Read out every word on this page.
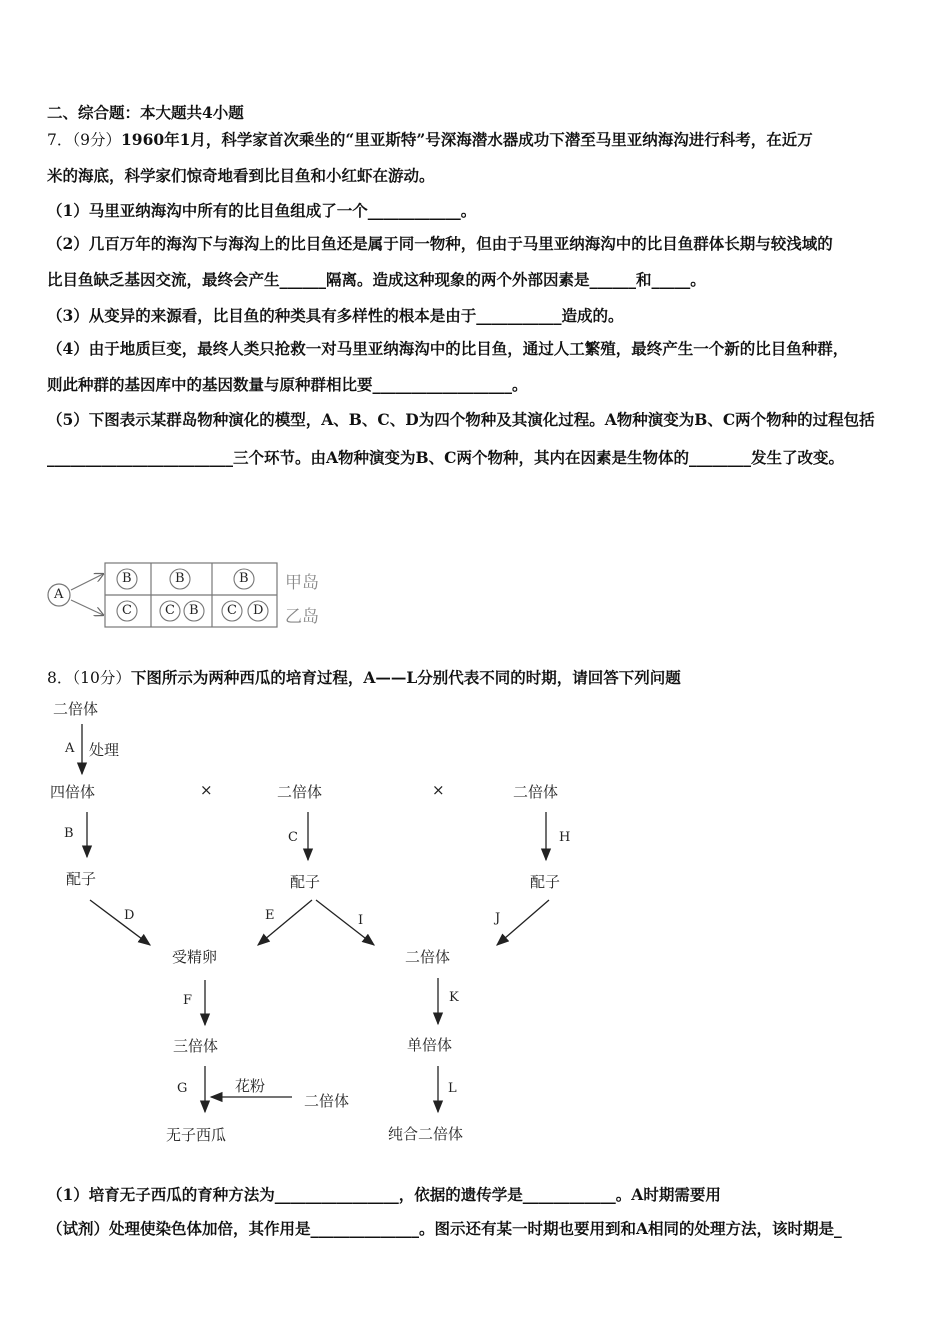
二、综合题：本大题共4小题
7．（9分）1960年1月，科学家首次乘坐的“里亚斯特”号深海潜水器成功下潜至马里亚纳海沟进行科考，在近万
米的海底，科学家们惊奇地看到比目鱼和小红虾在游动。
（1）马里亚纳海沟中所有的比目鱼组成了一个____________。
（2）几百万年的海沟下与海沟上的比目鱼还是属于同一物种，但由于马里亚纳海沟中的比目鱼群体长期与较浅域的
比目鱼缺乏基因交流，最终会产生______隔离。造成这种现象的两个外部因素是______和_____。
（3）从变异的来源看，比目鱼的种类具有多样性的根本是由于___________造成的。
（4）由于地质巨变，最终人类只抢救一对马里亚纳海沟中的比目鱼，通过人工繁殖，最终产生一个新的比目鱼种群，
则此种群的基因库中的基因数量与原种群相比要__________________。
（5）下图表示某群岛物种演化的模型，A、B、C、D为四个物种及其演化过程。A物种演变为B、C两个物种的过程包括
________________________三个环节。由A物种演变为B、C两个物种，其内在因素是生物体的________发生了改变。
A
B	B	B
C	C B C D
甲岛
乙岛
8．（10分）下图所示为两种西瓜的培育过程，A——L分别代表不同的时期，请回答下列问题
二倍体
A 处理
四倍体	×	二倍体	×	二倍体
B	C	H
配子	配子	配子
D	E	I	J
受精卵	二倍体
F	K
三倍体	单倍体
G	花粉
二倍体
L
无子西瓜	纯合二倍体
（1）培育无子西瓜的育种方法为________________，依据的遗传学是____________。A时期需要用
（试剂）处理使染色体加倍，其作用是______________。图示还有某一时期也要用到和A相同的处理方法，该时期是_
